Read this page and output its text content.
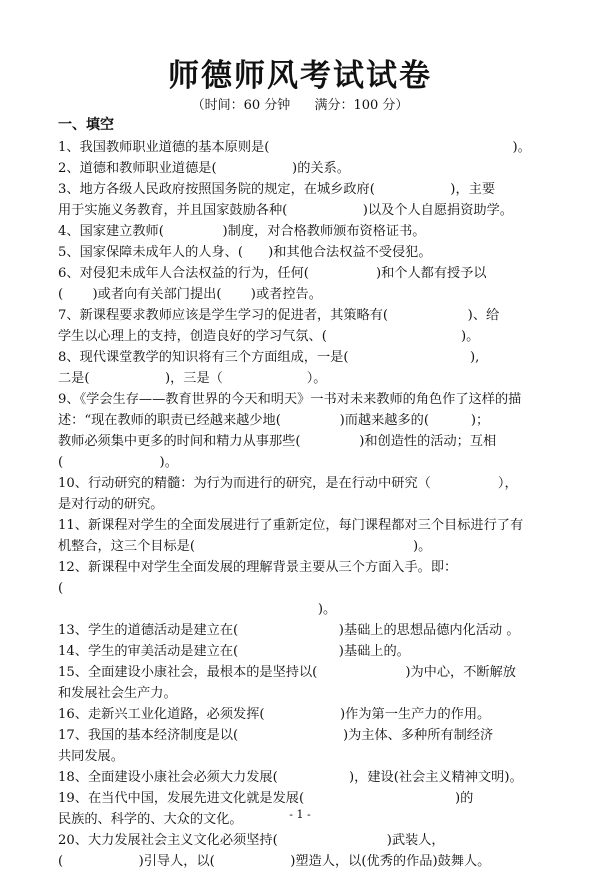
师德师风考试试卷
（时间：60 分钟 满分：100 分）
一、填空
1、我国教师职业道德的基本原则是(                                                          )。
2、道德和教师职业道德是(                  )的关系。
3、地方各级人民政府按照国务院的规定，在城乡政府(                  )，主要
用于实施义务教育，并且国家鼓励各种(                  )以及个人自愿捐资助学。
4、国家建立教师(              )制度，对合格教师颁布资格证书。
5、国家保障未成年人的人身、(      )和其他合法权益不受侵犯。
6、对侵犯未成年人合法权益的行为，任何(                )和个人都有授予以
(       )或者向有关部门提出(       )或者控告。
7、新课程要求教师应该是学生学习的促进者，其策略有(                   )、给
学生以心理上的支持，创造良好的学习气氛、(                                )。
8、现代课堂教学的知识将有三个方面组成，一是(                             ),
二是(                  )，三是（                    ）。
9、《学会生存——教育世界的今天和明天》一书对未来教师的角色作了这样的描
述：“现在教师的职责已经越来越少地(              )而越来越多的(          )；
教师必须集中更多的时间和精力从事那些(              )和创造性的活动；互相
(                       )。
10、行动研究的精髓：为行为而进行的研究，是在行动中研究（                ），
是对行动的研究。
11、新课程对学生的全面发展进行了重新定位，每门课程都对三个目标进行了有
机整合，这三个目标是(                                                    )。
12、新课程中对学生全面发展的理解背景主要从三个方面入手。即：
(
)。
13、学生的道德活动是建立在(                        )基础上的思想品德内化活动 。
14、学生的审美活动是建立在(                        )基础上的。
15、全面建设小康社会，最根本的是坚持以(                     )为中心，不断解放
和发展社会生产力。
16、走新兴工业化道路，必须发挥(                  )作为第一生产力的作用。
17、我国的基本经济制度是以(                         )为主体、多种所有制经济
共同发展。
18、全面建设小康社会必须大力发展(                 )，建设(社会主义精神文明)。
19、在当代中国，发展先进文化就是发展(                                    )的
民族的、科学的、大众的文化。
20、大力发展社会主义文化必须坚持(                          )武装人，
(                  )引导人，以(                  )塑造人，以(优秀的作品)鼓舞人。
- 1 -
